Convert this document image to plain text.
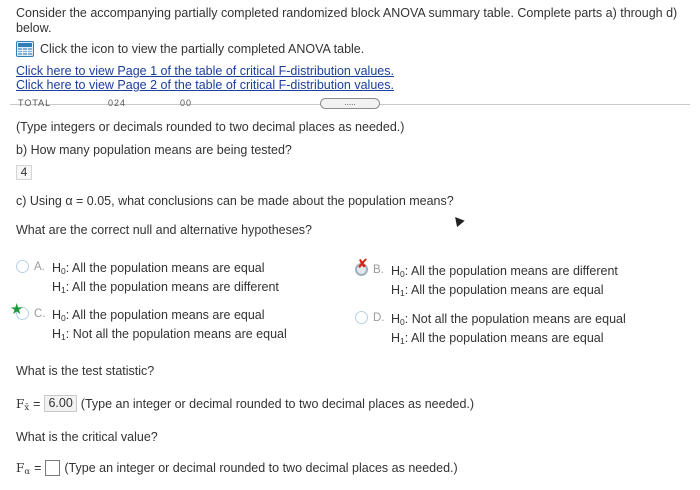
Consider the accompanying partially completed randomized block ANOVA summary table. Complete parts a) through d) below.
Click the icon to view the partially completed ANOVA table.
Click here to view Page 1 of the table of critical F-distribution values.
Click here to view Page 2 of the table of critical F-distribution values.
TOTAL	024	00	.....
(Type integers or decimals rounded to two decimal places as needed.)
b) How many population means are being tested?
4
c) Using α = 0.05, what conclusions can be made about the population means?
What are the correct null and alternative hypotheses?
A. H0: All the population means are equal
H1: All the population means are different
✘ B. H0: All the population means are different
H1: All the population means are equal
★ C. H0: All the population means are equal
H1: Not all the population means are equal
D. H0: Not all the population means are equal
H1: All the population means are equal
What is the test statistic?
Fx̄ = 6.00 (Type an integer or decimal rounded to two decimal places as needed.)
What is the critical value?
Fα = (Type an integer or decimal rounded to two decimal places as needed.)
